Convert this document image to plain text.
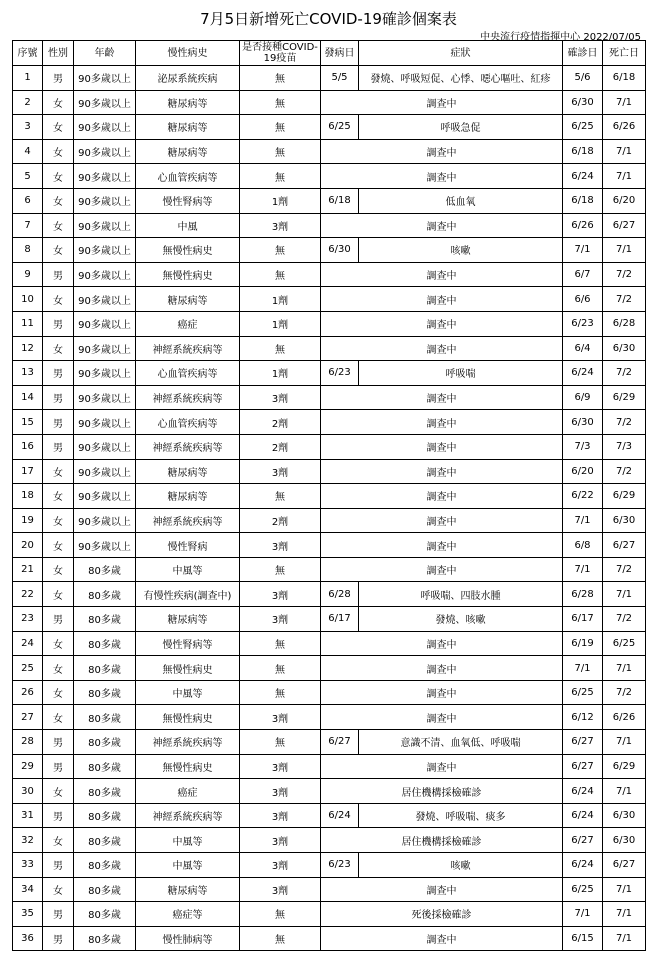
7月5日新增死亡COVID-19確診個案表
中央流行疫情指揮中心 2022/07/05
序號	性別	年齡	慢性病史	是否接種COVID-19疫苗	發病日	症狀	確診日	死亡日
1	男	90多歲以上	泌尿系統疾病	無	5/5	發燒、呼吸短促、心悸、噁心嘔吐、紅疹	5/6	6/18
2	女	90多歲以上	糖尿病等	無	調查中		6/30	7/1
3	女	90多歲以上	糖尿病等	無	6/25	呼吸急促	6/25	6/26
4	女	90多歲以上	糖尿病等	無	調查中		6/18	7/1
5	女	90多歲以上	心血管疾病等	無	調查中		6/24	7/1
6	女	90多歲以上	慢性腎病等	1劑	6/18	低血氧	6/18	6/20
7	女	90多歲以上	中風	3劑	調查中		6/26	6/27
8	女	90多歲以上	無慢性病史	無	6/30	咳嗽	7/1	7/1
9	男	90多歲以上	無慢性病史	無	調查中		6/7	7/2
10	女	90多歲以上	糖尿病等	1劑	調查中		6/6	7/2
11	男	90多歲以上	癌症	1劑	調查中		6/23	6/28
12	女	90多歲以上	神經系統疾病等	無	調查中		6/4	6/30
13	男	90多歲以上	心血管疾病等	1劑	6/23	呼吸喘	6/24	7/2
14	男	90多歲以上	神經系統疾病等	3劑	調查中		6/9	6/29
15	男	90多歲以上	心血管疾病等	2劑	調查中		6/30	7/2
16	男	90多歲以上	神經系統疾病等	2劑	調查中		7/3	7/3
17	女	90多歲以上	糖尿病等	3劑	調查中		6/20	7/2
18	女	90多歲以上	糖尿病等	無	調查中		6/22	6/29
19	女	90多歲以上	神經系統疾病等	2劑	調查中		7/1	6/30
20	女	90多歲以上	慢性腎病	3劑	調查中		6/8	6/27
21	女	80多歲	中風等	無	調查中		7/1	7/2
22	女	80多歲	有慢性疾病(調查中)	3劑	6/28	呼吸喘、四肢水腫	6/28	7/1
23	男	80多歲	糖尿病等	3劑	6/17	發燒、咳嗽	6/17	7/2
24	女	80多歲	慢性腎病等	無	調查中		6/19	6/25
25	女	80多歲	無慢性病史	無	調查中		7/1	7/1
26	女	80多歲	中風等	無	調查中		6/25	7/2
27	女	80多歲	無慢性病史	3劑	調查中		6/12	6/26
28	男	80多歲	神經系統疾病等	無	6/27	意識不清、血氧低、呼吸喘	6/27	7/1
29	男	80多歲	無慢性病史	3劑	調查中		6/27	6/29
30	女	80多歲	癌症	3劑	居住機構採檢確診		6/24	7/1
31	男	80多歲	神經系統疾病等	3劑	6/24	發燒、呼吸喘、痰多	6/24	6/30
32	女	80多歲	中風等	3劑	居住機構採檢確診		6/27	6/30
33	男	80多歲	中風等	3劑	6/23	咳嗽	6/24	6/27
34	女	80多歲	糖尿病等	3劑	調查中		6/25	7/1
35	男	80多歲	癌症等	無	死後採檢確診		7/1	7/1
36	男	80多歲	慢性肺病等	無	調查中		6/15	7/1
